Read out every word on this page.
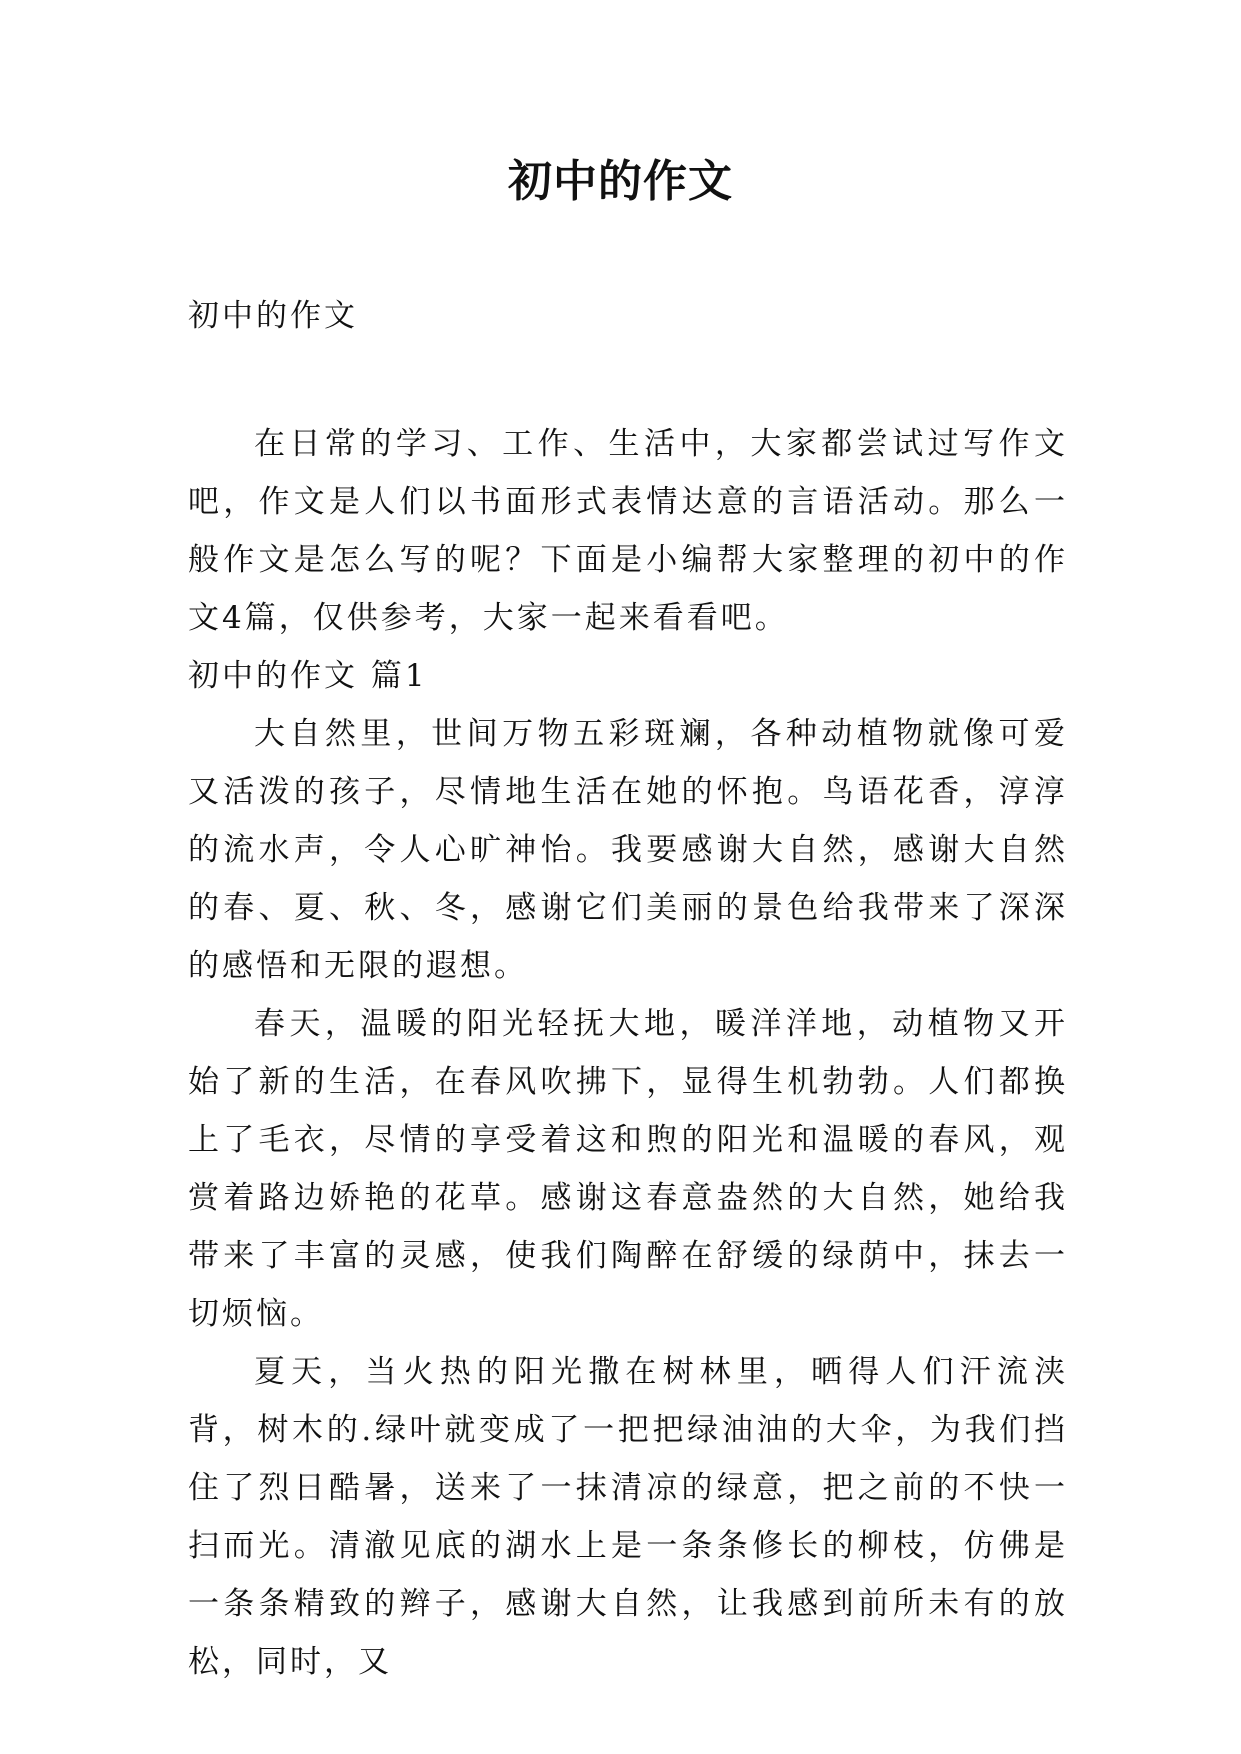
初中的作文
初中的作文

在日常的学习、工作、生活中，大家都尝试过写作文吧，作文是人们以书面形式表情达意的言语活动。那么一般作文是怎么写的呢？下面是小编帮大家整理的初中的作文4篇，仅供参考，大家一起来看看吧。

初中的作文 篇1

大自然里，世间万物五彩斑斓，各种动植物就像可爱又活泼的孩子，尽情地生活在她的怀抱。鸟语花香，淳淳的流水声，令人心旷神怡。我要感谢大自然，感谢大自然的春、夏、秋、冬，感谢它们美丽的景色给我带来了深深的感悟和无限的遐想。

春天，温暖的阳光轻抚大地，暖洋洋地，动植物又开始了新的生活，在春风吹拂下，显得生机勃勃。人们都换上了毛衣，尽情的享受着这和煦的阳光和温暖的春风，观赏着路边娇艳的花草。感谢这春意盎然的大自然，她给我带来了丰富的灵感，使我们陶醉在舒缓的绿荫中，抹去一切烦恼。

夏天，当火热的阳光撒在树林里，晒得人们汗流浃背，树木的.绿叶就变成了一把把绿油油的大伞，为我们挡住了烈日酷暑，送来了一抹清凉的绿意，把之前的不快一扫而光。清澈见底的湖水上是一条条修长的柳枝，仿佛是一条条精致的辫子，感谢大自然，让我感到前所未有的放松，同时，又
